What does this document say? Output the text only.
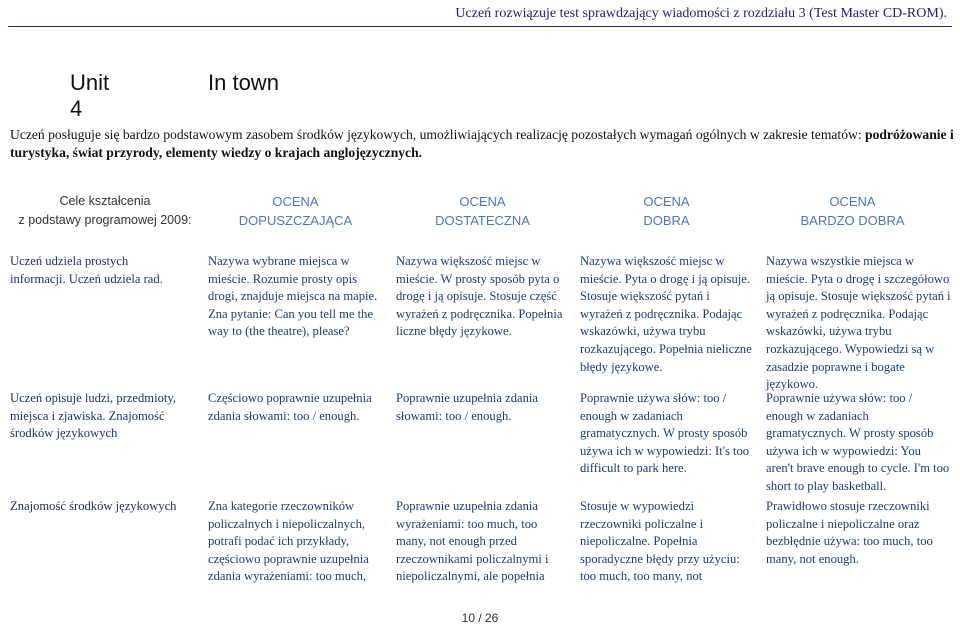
Uczeń rozwiązuje test sprawdzający wiadomości z rozdziału 3 (Test Master CD-ROM).
Unit 4
In town
Uczeń posługuje się bardzo podstawowym zasobem środków językowych, umożliwiających realizację pozostałych wymagań ogólnych w zakresie tematów: podróżowanie i turystyka, świat przyrody, elementy wiedzy o krajach anglojęzycznych.
Cele kształcenia
z podstawy programowej 2009:
OCENA
DOPUSZCZAJĄCA
OCENA
DOSTATECZNA
OCENA
DOBRA
OCENA
BARDZO DOBRA
Uczeń udziela prostych informacji. Uczeń udziela rad.
Nazywa wybrane miejsca w mieście. Rozumie prosty opis drogi, znajduje miejsca na mapie. Zna pytanie: Can you tell me the way to (the theatre), please?
Nazywa większość miejsc w mieście. W prosty sposób pyta o drogę i ją opisuje. Stosuje część wyrażeń z podręcznika. Popełnia liczne błędy językowe.
Nazywa większość miejsc w mieście. Pyta o drogę i ją opisuje. Stosuje większość pytań i wyrażeń z podręcznika. Podając wskazówki, używa trybu rozkazującego. Popełnia nieliczne błędy językowe.
Nazywa wszystkie miejsca w mieście. Pyta o drogę i szczegółowo ją opisuje. Stosuje większość pytań i wyrażeń z podręcznika. Podając wskazówki, używa trybu rozkazującego. Wypowiedzi są w zasadzie poprawne i bogate językowo.
Uczeń opisuje ludzi, przedmioty, miejsca i zjawiska. Znajomość środków językowych
Częściowo poprawnie uzupełnia zdania słowami: too / enough.
Poprawnie uzupełnia zdania słowami: too / enough.
Poprawnie używa słów: too / enough w zadaniach gramatycznych. W prosty sposób używa ich w wypowiedzi: It's too difficult to park here.
Poprawnie używa słów: too / enough w zadaniach gramatycznych. W prosty sposób używa ich w wypowiedzi: You aren't brave enough to cycle. I'm too short to play basketball.
Znajomość środków językowych	Zna kategorie rzeczowników policzalnych i niepoliczalnych, potrafi podać ich przykłady, częściowo poprawnie uzupełnia zdania wyrażeniami: too much,
Poprawnie uzupełnia zdania wyrażeniami: too much, too many, not enough przed rzeczownikami policzalnymi i niepoliczalnymi, ale popełnia
Stosuje w wypowiedzi rzeczowniki policzalne i niepoliczalne. Popełnia sporadyczne błędy przy użyciu: too much, too many, not
Prawidłowo stosuje rzeczowniki policzalne i niepoliczalne oraz bezbłędnie używa: too much, too many, not enough.
10 / 26
